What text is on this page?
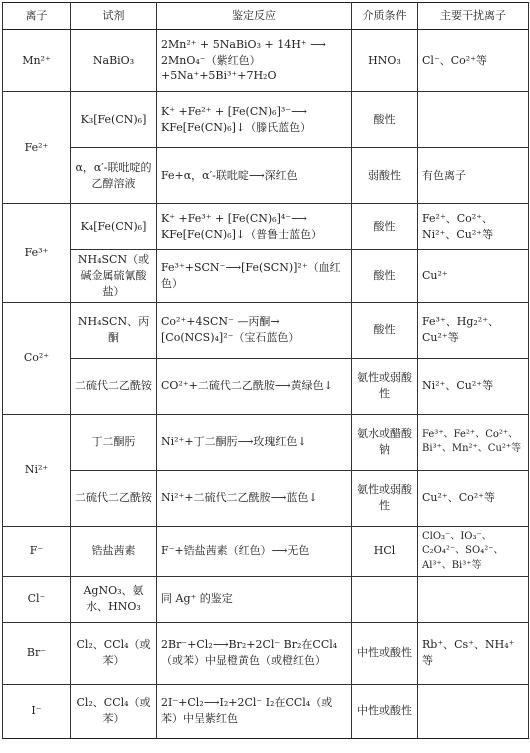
离子	试剂	鉴定反应	介质条件	主要干扰离子
Mn²⁺	NaBiO₃	2Mn²⁺ + 5NaBiO₃ + 14H⁺ ⟶ 2MnO₄⁻（紫红色）+5Na⁺+5Bi³⁺+7H₂O	HNO₃	Cl⁻、Co²⁺等
Fe²⁺	K₃[Fe(CN)₆]	K⁺ +Fe²⁺ + [Fe(CN)₆]³⁻⟶ KFe[Fe(CN)₆]↓（滕氏蓝色）	酸性	
	α，α′-联吡啶的乙醇溶液	Fe+α，α′-联吡啶⟶深红色	弱酸性	有色离子
Fe³⁺	K₄[Fe(CN)₆]	K⁺ +Fe³⁺ + [Fe(CN)₆]⁴⁻⟶ KFe[Fe(CN)₆]↓（普鲁士蓝色）	酸性	Fe²⁺、Co²⁺、Ni²⁺、Cu²⁺等
	NH₄SCN（或碱金属硫氰酸盐）	Fe³⁺+SCN⁻⟶[Fe(SCN)]²⁺（血红色）	酸性	Cu²⁺
Co²⁺	NH₄SCN、丙酮	Co²⁺+4SCN⁻ —丙酮→ [Co(NCS)₄]²⁻（宝石蓝色）	酸性	Fe³⁺、Hg₂²⁺、Cu²⁺等
	二硫代二乙酰铵	CO²⁺+二硫代二乙酰胺⟶黄绿色↓	氨性或弱酸性	Ni²⁺、Cu²⁺等
Ni²⁺	丁二酮肟	Ni²⁺+丁二酮肟⟶玫瑰红色↓	氨水或醋酸钠	Fe³⁺、Fe²⁺、Co²⁺、Bi³⁺、Mn²⁺、Cu²⁺等
	二硫代二乙酰铵	Ni²⁺+二硫代二乙酰胺⟶蓝色↓	氨性或弱酸性	Cu²⁺、Co²⁺等
F⁻	锆盐茜素	F⁻+锆盐茜素（红色）⟶无色	HCl	ClO₃⁻、IO₃⁻、C₂O₄²⁻、SO₄²⁻、Al³⁺、Bi³⁺等
Cl⁻	AgNO₃、氨水、HNO₃	同 Ag⁺ 的鉴定		
Br⁻	Cl₂、CCl₄（或苯）	2Br⁻+Cl₂⟶Br₂+2Cl⁻ Br₂在CCl₄（或苯）中显橙黄色（或橙红色）	中性或酸性	Rb⁺、Cs⁺、NH₄⁺等
I⁻	Cl₂、CCl₄（或苯）	2I⁻+Cl₂⟶I₂+2Cl⁻ I₂在CCl₄（或苯）中呈紫红色	中性或酸性	
